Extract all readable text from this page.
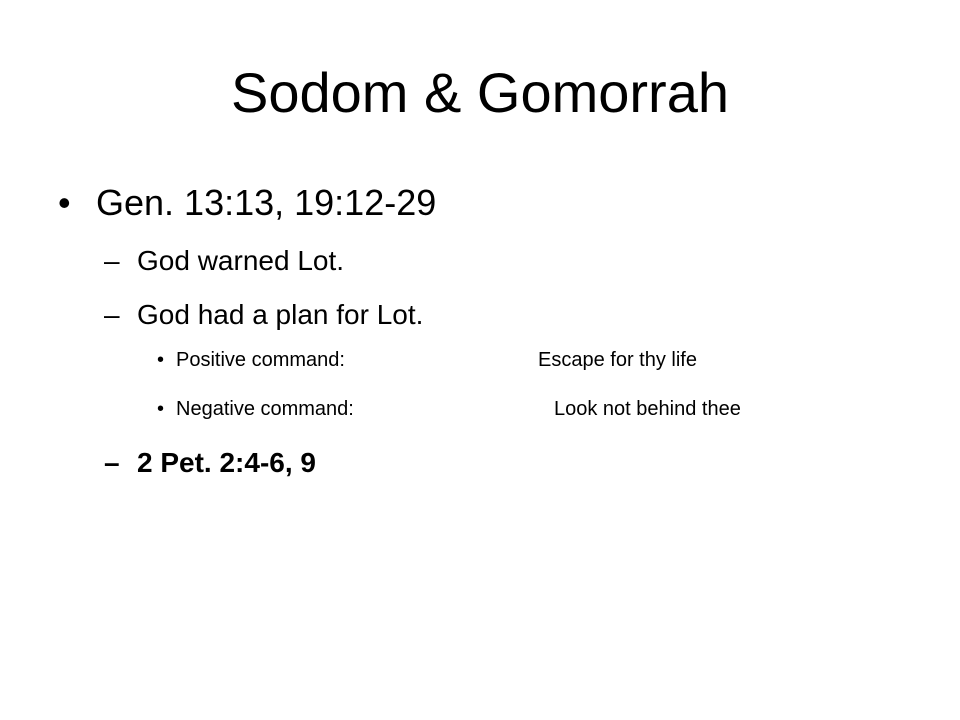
Sodom & Gomorrah
• Gen. 13:13, 19:12-29
– God warned Lot.
– God had a plan for Lot.
• Positive command:	Escape for thy life
• Negative command:	Look not behind thee
– 2 Pet. 2:4-6, 9
